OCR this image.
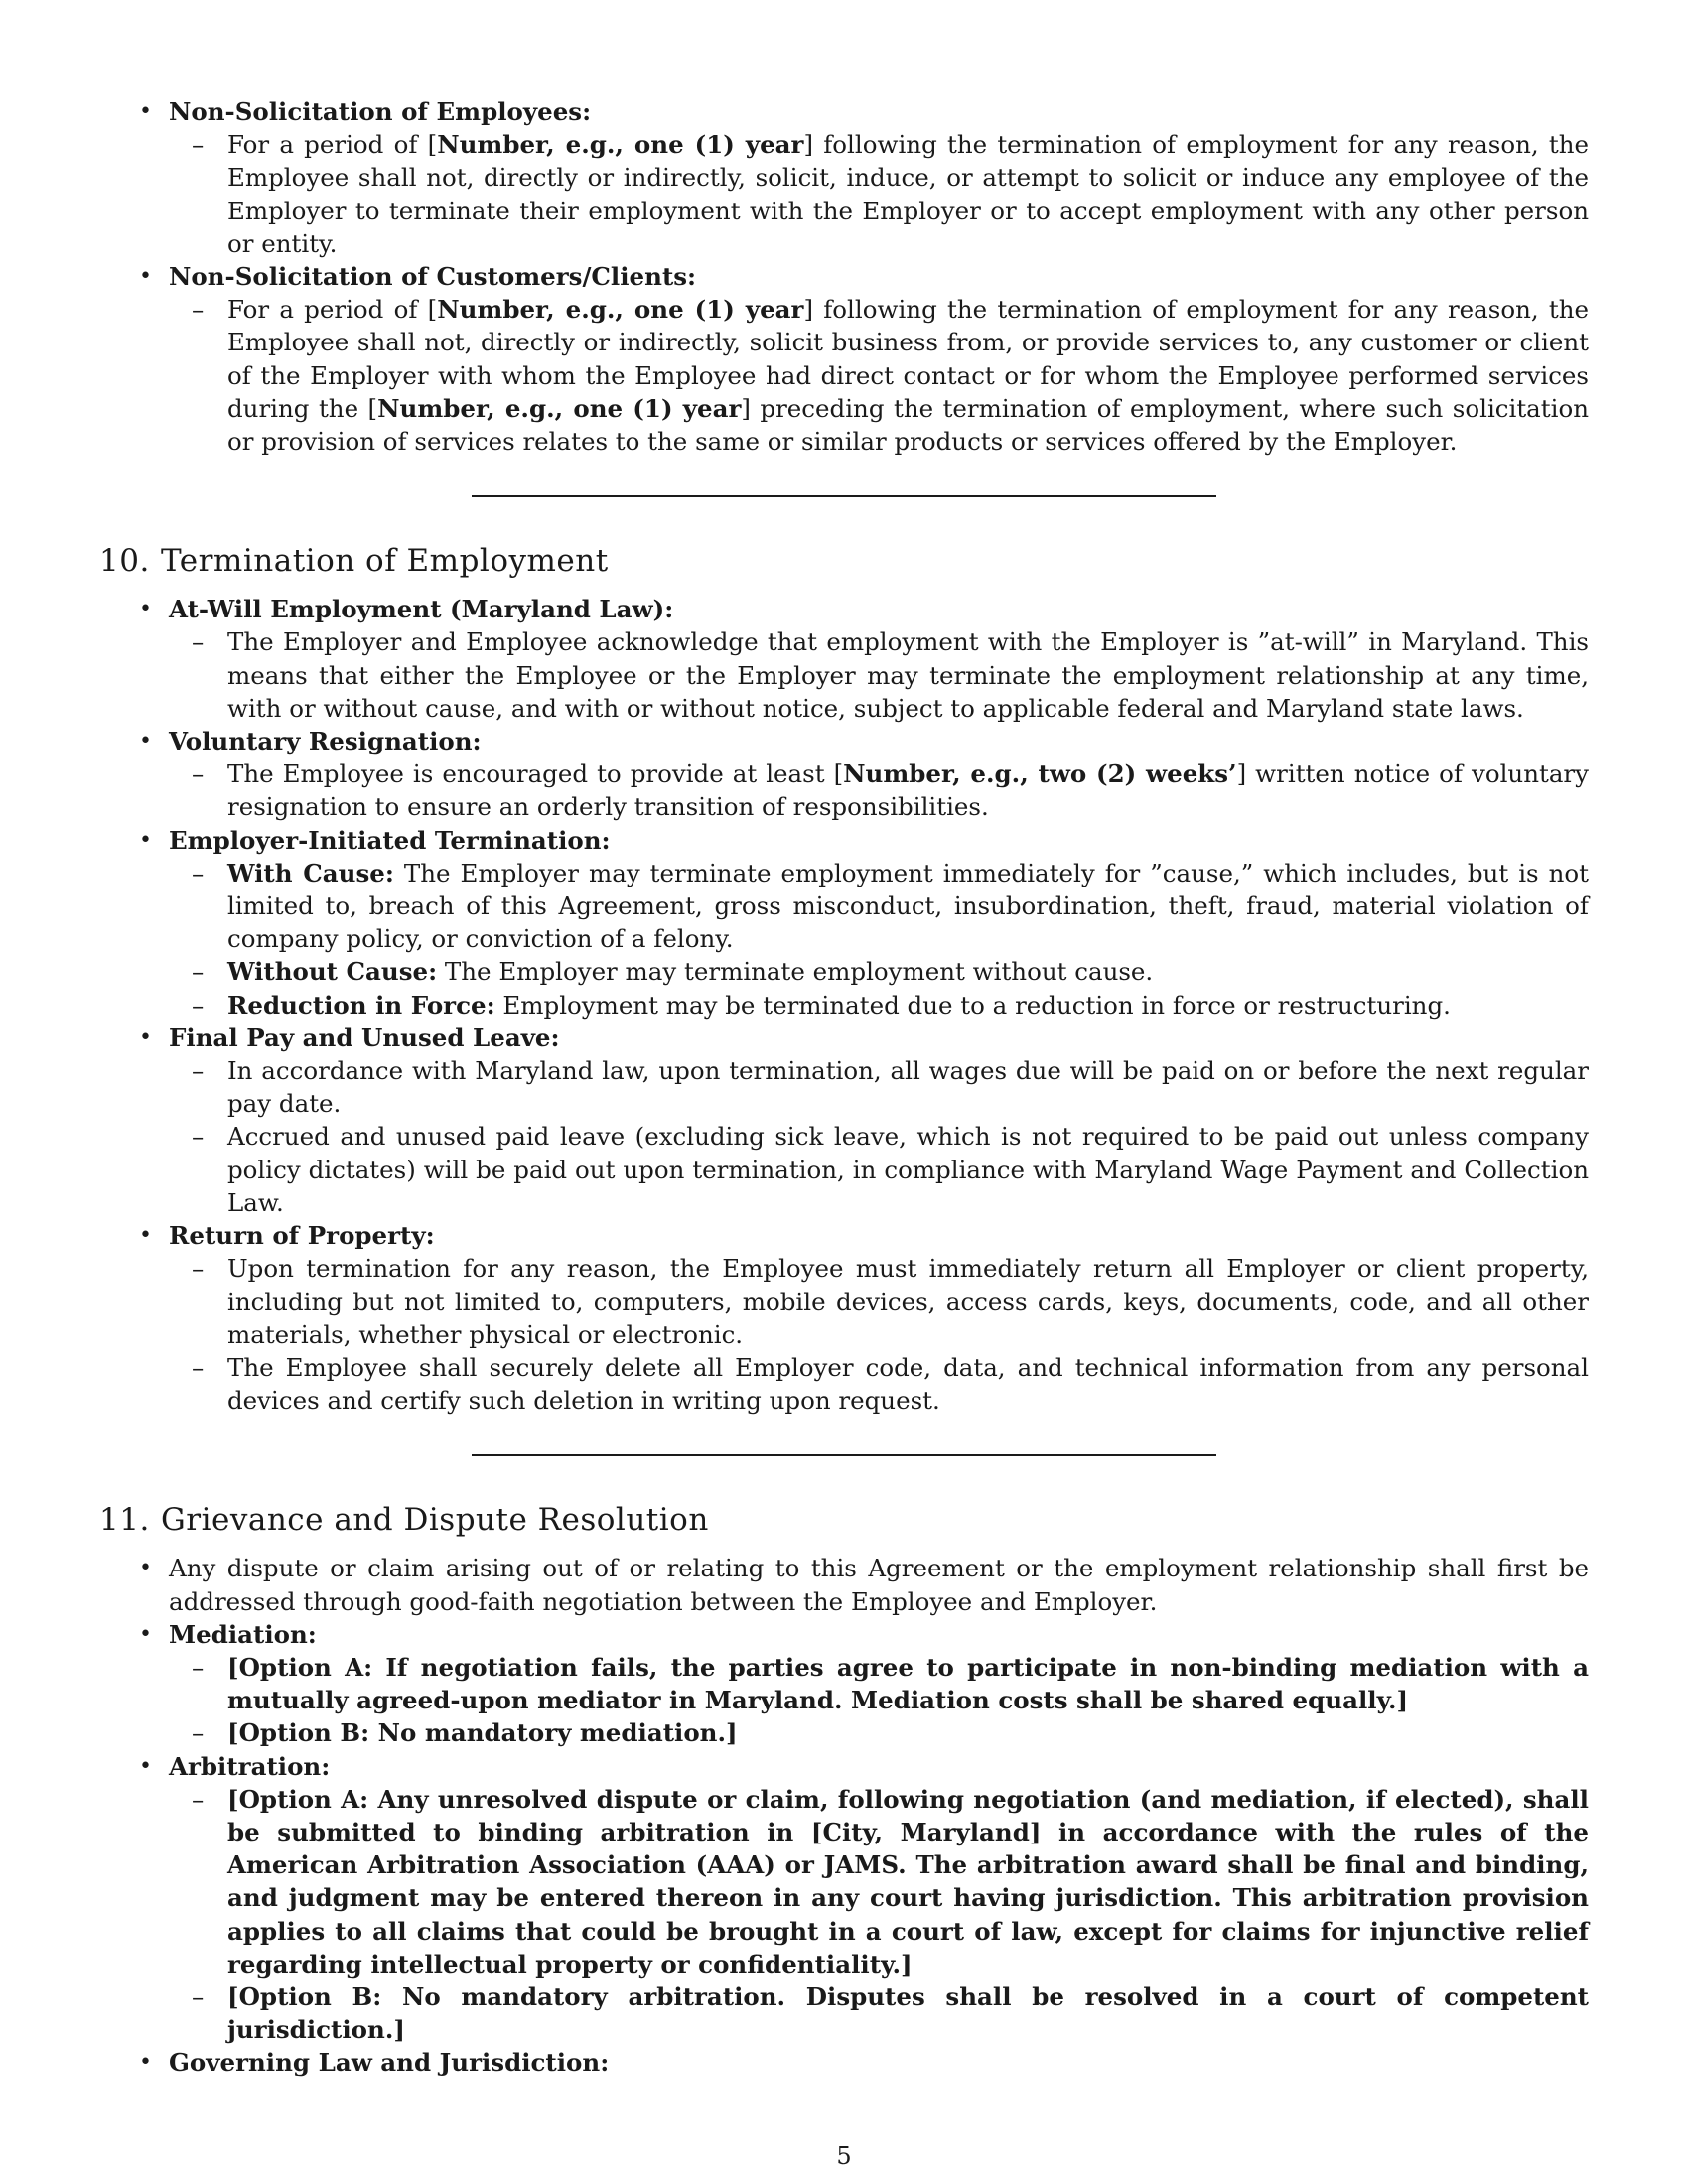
• Non-Solicitation of Employees:
– For a period of [Number, e.g., one (1) year] following the termination of employment for any reason, the Employee shall not, directly or indirectly, solicit, induce, or attempt to solicit or induce any employee of the Employer to terminate their employment with the Employer or to accept employment with any other person or entity.
• Non-Solicitation of Customers/Clients:
– For a period of [Number, e.g., one (1) year] following the termination of employment for any reason, the Employee shall not, directly or indirectly, solicit business from, or provide services to, any customer or client of the Employer with whom the Employee had direct contact or for whom the Employee performed services during the [Number, e.g., one (1) year] preceding the termination of employment, where such solicitation or provision of services relates to the same or similar products or services offered by the Employer.
10. Termination of Employment
• At-Will Employment (Maryland Law):
– The Employer and Employee acknowledge that employment with the Employer is ”at-will” in Maryland. This means that either the Employee or the Employer may terminate the employment relationship at any time, with or without cause, and with or without notice, subject to applicable federal and Maryland state laws.
• Voluntary Resignation:
– The Employee is encouraged to provide at least [Number, e.g., two (2) weeks’] written notice of voluntary resignation to ensure an orderly transition of responsibilities.
• Employer-Initiated Termination:
– With Cause: The Employer may terminate employment immediately for ”cause,” which includes, but is not limited to, breach of this Agreement, gross misconduct, insubordination, theft, fraud, material violation of company policy, or conviction of a felony.
– Without Cause: The Employer may terminate employment without cause.
– Reduction in Force: Employment may be terminated due to a reduction in force or restructuring.
• Final Pay and Unused Leave:
– In accordance with Maryland law, upon termination, all wages due will be paid on or before the next regular pay date.
– Accrued and unused paid leave (excluding sick leave, which is not required to be paid out unless company policy dictates) will be paid out upon termination, in compliance with Maryland Wage Payment and Collection Law.
• Return of Property:
– Upon termination for any reason, the Employee must immediately return all Employer or client property, including but not limited to, computers, mobile devices, access cards, keys, documents, code, and all other materials, whether physical or electronic.
– The Employee shall securely delete all Employer code, data, and technical information from any personal devices and certify such deletion in writing upon request.
11. Grievance and Dispute Resolution
• Any dispute or claim arising out of or relating to this Agreement or the employment relationship shall first be addressed through good-faith negotiation between the Employee and Employer.
• Mediation:
– [Option A: If negotiation fails, the parties agree to participate in non-binding mediation with a mutually agreed-upon mediator in Maryland. Mediation costs shall be shared equally.]
– [Option B: No mandatory mediation.]
• Arbitration:
– [Option A: Any unresolved dispute or claim, following negotiation (and mediation, if elected), shall be submitted to binding arbitration in [City, Maryland] in accordance with the rules of the American Arbitration Association (AAA) or JAMS. The arbitration award shall be final and binding, and judgment may be entered thereon in any court having jurisdiction. This arbitration provision applies to all claims that could be brought in a court of law, except for claims for injunctive relief regarding intellectual property or confidentiality.]
– [Option B: No mandatory arbitration. Disputes shall be resolved in a court of competent jurisdiction.]
• Governing Law and Jurisdiction:
5
